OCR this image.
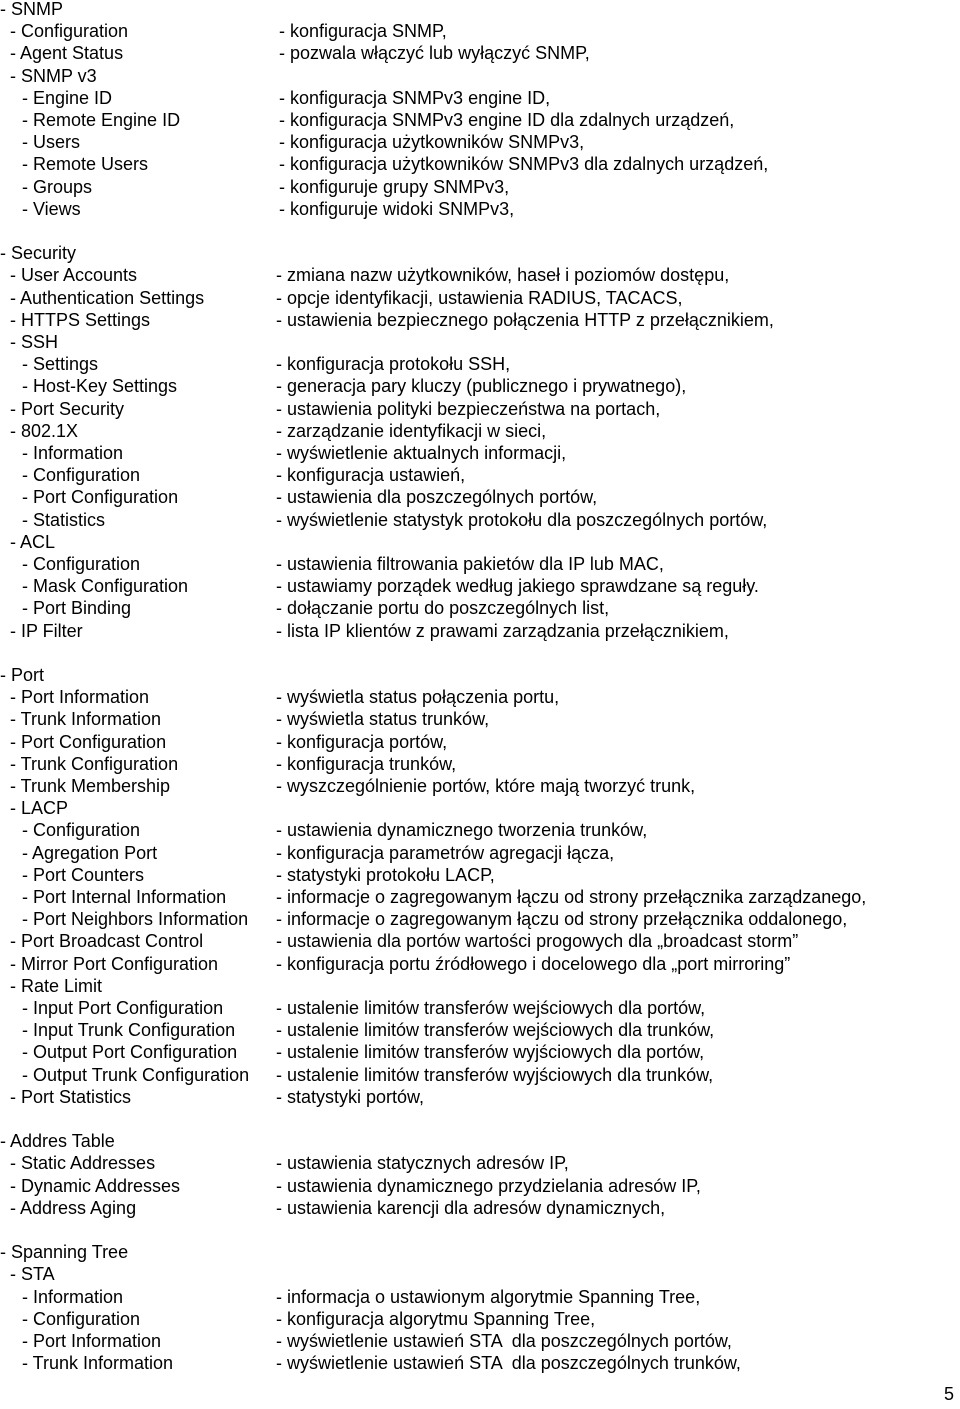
- SNMP
- Configuration	- konfiguracja SNMP,
- Agent Status	- pozwala włączyć lub wyłączyć SNMP,
- SNMP v3
- Engine ID	- konfiguracja SNMPv3 engine ID,
- Remote Engine ID	- konfiguracja SNMPv3 engine ID dla zdalnych urządzeń,
- Users	- konfiguracja użytkowników SNMPv3,
- Remote Users	- konfiguracja użytkowników SNMPv3 dla zdalnych urządzeń,
- Groups	- konfiguruje grupy SNMPv3,
- Views	- konfiguruje widoki SNMPv3,
- Security
- User Accounts	- zmiana nazw użytkowników, haseł i poziomów dostępu,
- Authentication Settings	- opcje identyfikacji, ustawienia RADIUS, TACACS,
- HTTPS Settings	- ustawienia bezpiecznego połączenia HTTP z przełącznikiem,
- SSH
- Settings	- konfiguracja protokołu SSH,
- Host-Key Settings	- generacja pary kluczy (publicznego i prywatnego),
- Port Security	- ustawienia polityki bezpieczeństwa na portach,
- 802.1X	- zarządzanie identyfikacji w sieci,
- Information	- wyświetlenie aktualnych informacji,
- Configuration	- konfiguracja ustawień,
- Port Configuration	- ustawienia dla poszczególnych portów,
- Statistics	- wyświetlenie statystyk protokołu dla poszczególnych portów,
- ACL
- Configuration	- ustawienia filtrowania pakietów dla IP lub MAC,
- Mask Configuration	- ustawiamy porządek według jakiego sprawdzane są reguły.
- Port Binding	- dołączanie portu do poszczególnych list,
- IP Filter	- lista IP klientów z prawami zarządzania przełącznikiem,
- Port
- Port Information	- wyświetla status połączenia portu,
- Trunk Information	- wyświetla status trunków,
- Port Configuration	- konfiguracja portów,
- Trunk Configuration	- konfiguracja trunków,
- Trunk Membership	- wyszczególnienie portów, które mają tworzyć trunk,
- LACP
- Configuration	- ustawienia dynamicznego tworzenia trunków,
- Agregation Port	- konfiguracja parametrów agregacji łącza,
- Port Counters	- statystyki protokołu LACP,
- Port Internal Information	- informacje o zagregowanym łączu od strony przełącznika zarządzanego,
- Port Neighbors Information - informacje o zagregowanym łączu od strony przełącznika oddalonego,
- Port Broadcast Control	- ustawienia dla portów wartości progowych dla „broadcast storm”
- Mirror Port Configuration	- konfiguracja portu źródłowego i docelowego dla „port mirroring”
- Rate Limit
- Input Port Configuration	- ustalenie limitów transferów wejściowych dla portów,
- Input Trunk Configuration - ustalenie limitów transferów wejściowych dla trunków,
- Output Port Configuration - ustalenie limitów transferów wyjściowych dla portów,
- Output Trunk Configuration - ustalenie limitów transferów wyjściowych dla trunków,
- Port Statistics	- statystyki portów,
- Addres Table
- Static Addresses	- ustawienia statycznych adresów IP,
- Dynamic Addresses	- ustawienia dynamicznego przydzielania adresów IP,
- Address Aging	- ustawienia karencji dla adresów dynamicznych,
- Spanning Tree
- STA
- Information	- informacja o ustawionym algorytmie Spanning Tree,
- Configuration	- konfiguracja algorytmu Spanning Tree,
- Port Information	- wyświetlenie ustawień STA  dla poszczególnych portów,
- Trunk Information	- wyświetlenie ustawień STA  dla poszczególnych trunków,
5
